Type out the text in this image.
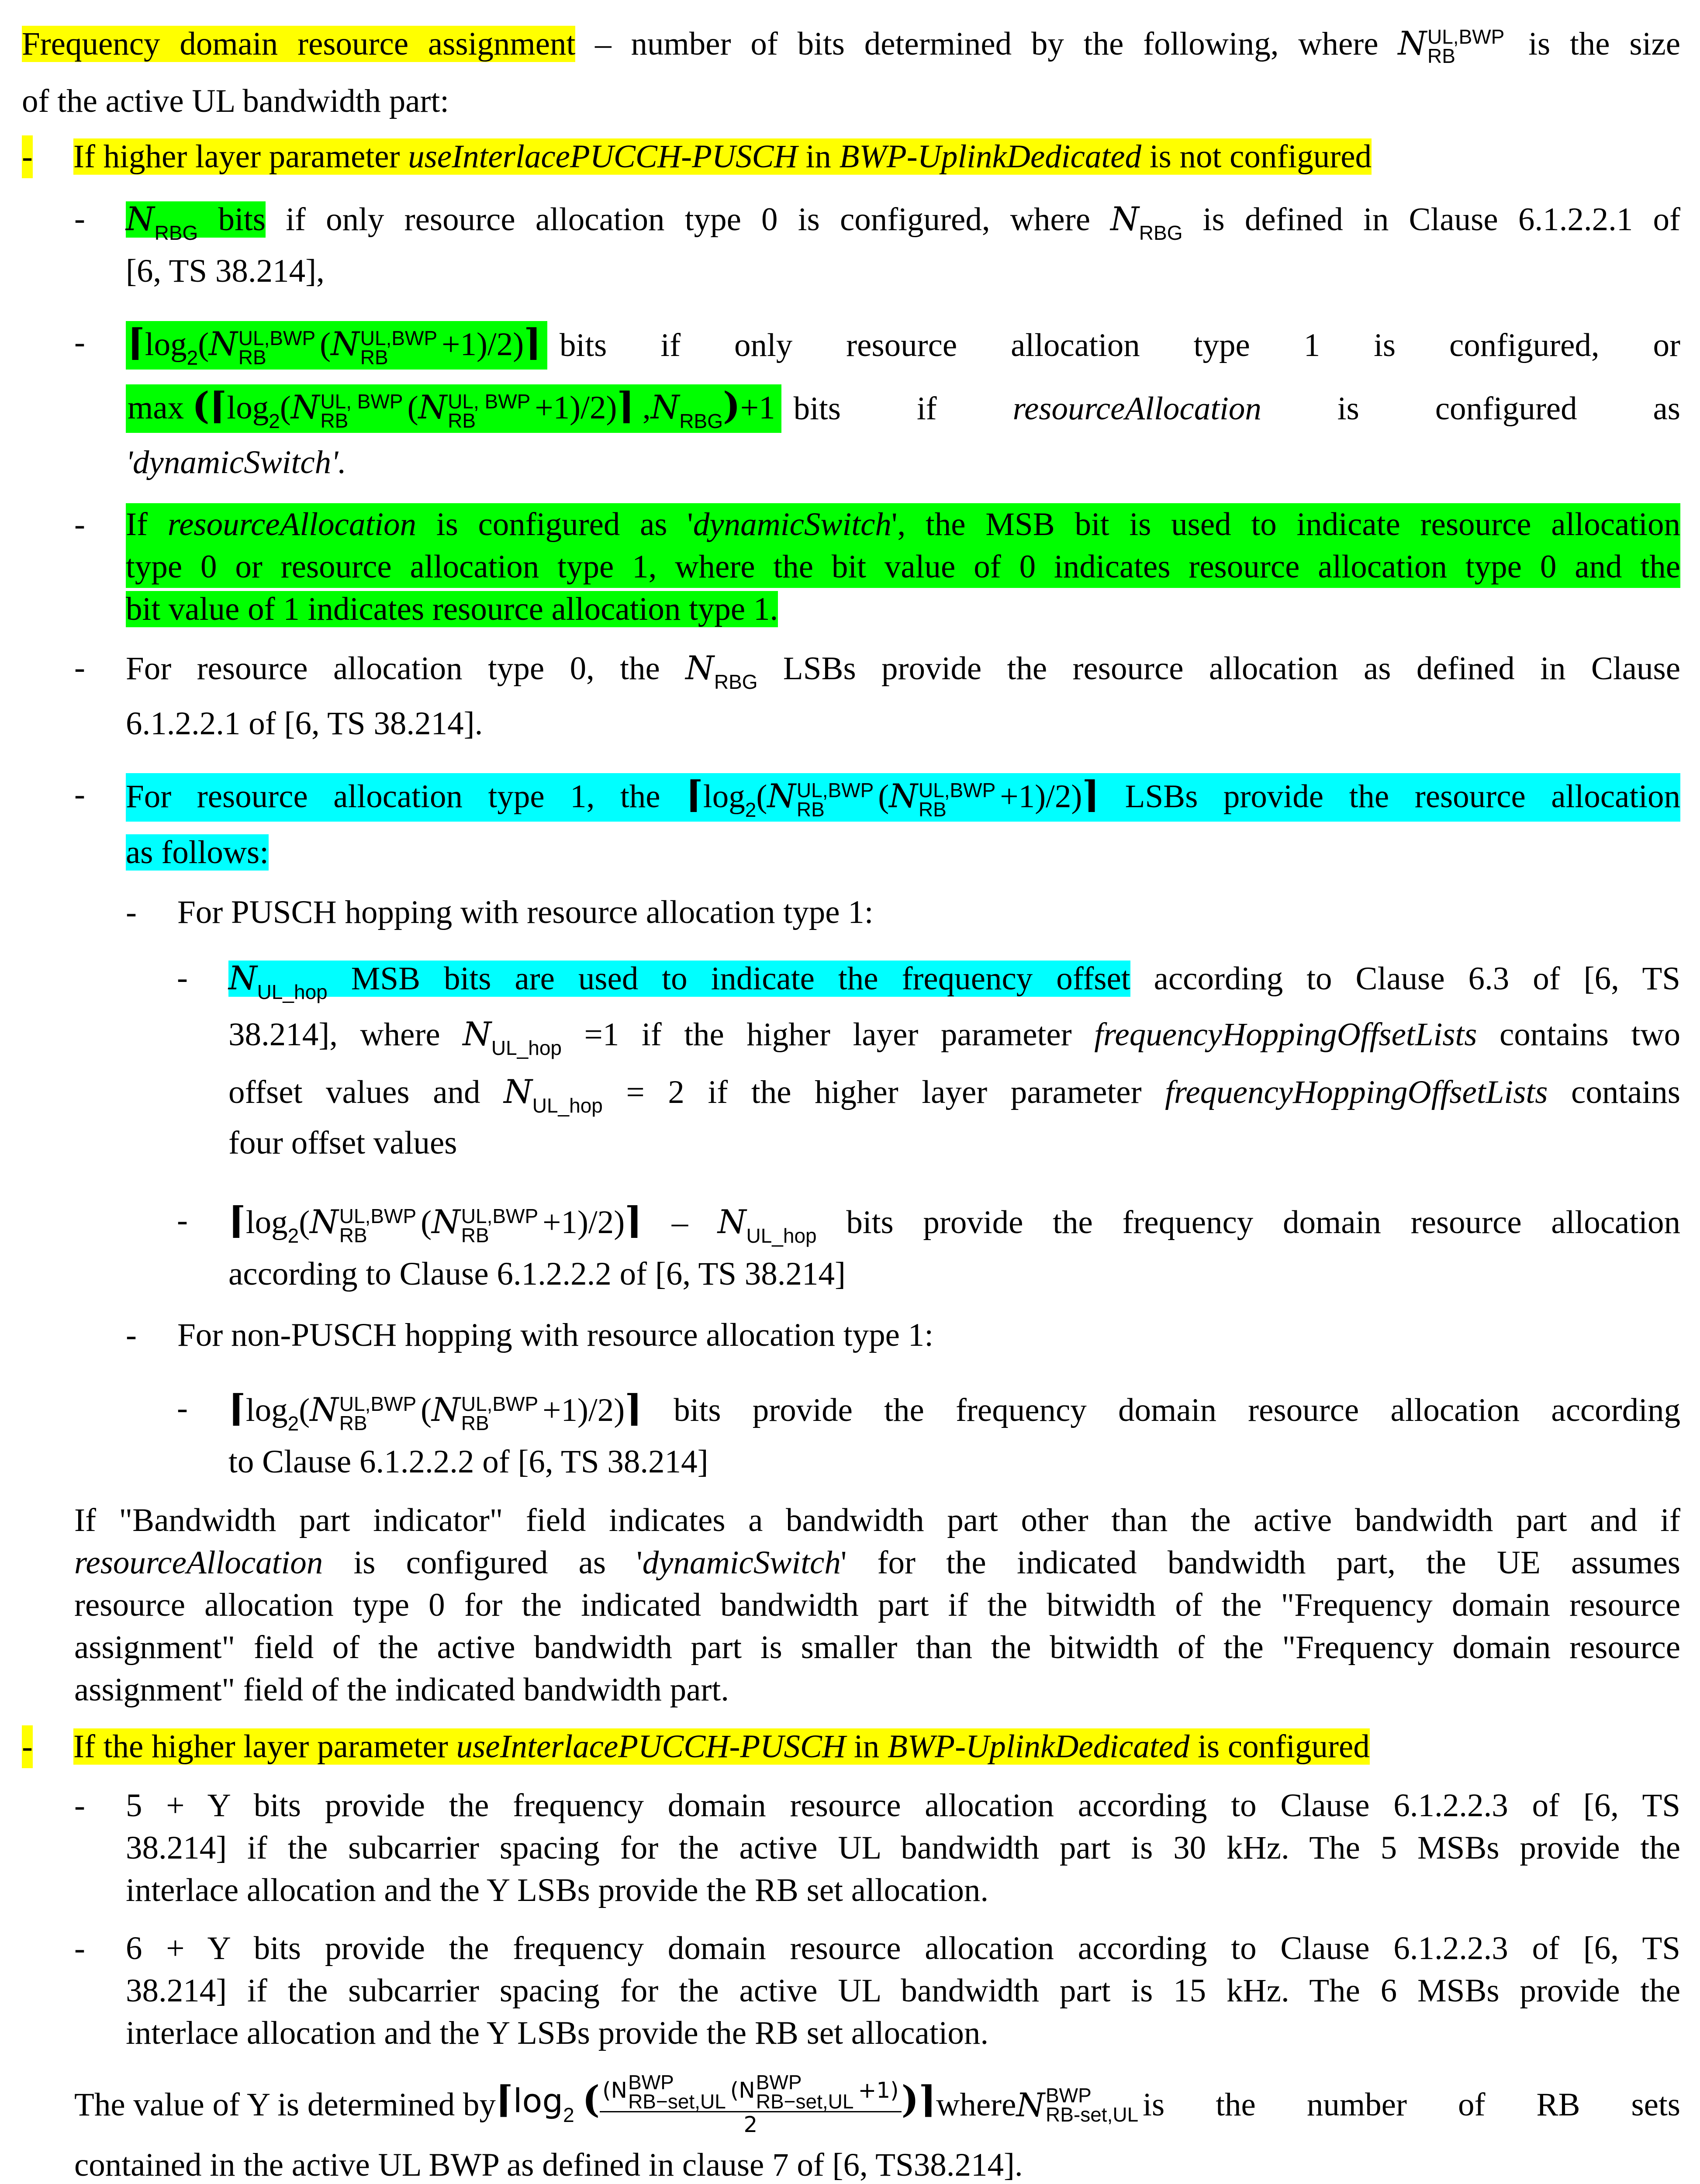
Frequency domain resource assignment – number of bits determined by the following, where N UL,BWP
RB	is the size
of the active UL bandwidth part:
- If higher layer parameter useInterlacePUCCH-PUSCH in BWP-UplinkDedicated is not configured
- $N_{RBG}$ bits if only resource allocation type 0 is configured, where $N_{RBG}$ is defined in Clause 6.1.2.2.1 of
[6, TS 38.214],
- $⌈\log_2(N$ UL,BWP
RB	(N UL,BWP
RB	+1)/2)⌉ bits if only resource allocation type 1 is configured, or
$\max (⌈\log_2(N$ UL, BWP
RB	(N UL, BWP
RB	+1)/2)⌉ $,N_{RBG})+1$ bits if resourceAllocation is configured as
'dynamicSwitch'.
- If resourceAllocation is configured as 'dynamicSwitch', the MSB bit is used to indicate resource allocation
type 0 or resource allocation type 1, where the bit value of 0 indicates resource allocation type 0 and the
bit value of 1 indicates resource allocation type 1.
- For resource allocation type 0, the $N_{RBG}$ LSBs provide the resource allocation as defined in Clause
6.1.2.2.1 of [6, TS 38.214].
- For resource allocation type 1, the $⌈\log_2(N$ UL,BWP
RB	(N UL,BWP
RB	+1)/2)⌉ LSBs provide the resource allocation
as follows:
- For PUSCH hopping with resource allocation type 1:
- $N_{UL\_hop}$ MSB bits are used to indicate the frequency offset according to Clause 6.3 of [6, TS
38.214], where $N_{UL\_hop} =1$ if the higher layer parameter frequencyHoppingOffsetLists contains two
offset values and $N_{UL\_hop} = 2$ if the higher layer parameter frequencyHoppingOffsetLists contains
four offset values
- $⌈\log_2(N$ UL,BWP
RB	(N UL,BWP
RB	+1)/2)⌉ – $N_{UL\_hop}$ bits provide the frequency domain resource allocation
according to Clause 6.1.2.2.2 of [6, TS 38.214]
- For non-PUSCH hopping with resource allocation type 1:
- $⌈\log_2(N$ UL,BWP
RB	(N UL,BWP
RB	+1)/2)⌉ bits provide the frequency domain resource allocation according
to Clause 6.1.2.2.2 of [6, TS 38.214]
If "Bandwidth part indicator" field indicates a bandwidth part other than the active bandwidth part and if
resourceAllocation is configured as 'dynamicSwitch' for the indicated bandwidth part, the UE assumes
resource allocation type 0 for the indicated bandwidth part if the bitwidth of the "Frequency domain resource
assignment" field of the active bandwidth part is smaller than the bitwidth of the "Frequency domain resource
assignment" field of the indicated bandwidth part.
- If the higher layer parameter useInterlacePUCCH-PUSCH in BWP-UplinkDedicated is configured
- 5 + Y bits provide the frequency domain resource allocation according to Clause 6.1.2.2.3 of [6, TS
38.214] if the subcarrier spacing for the active UL bandwidth part is 30 kHz. The 5 MSBs provide the
interlace allocation and the Y LSBs provide the RB set allocation.
- 6 + Y bits provide the frequency domain resource allocation according to Clause 6.1.2.2.3 of [6, TS
38.214] if the subcarrier spacing for the active UL bandwidth part is 15 kHz. The 6 MSBs provide the
interlace allocation and the Y LSBs provide the RB set allocation.
The value of Y is determined by $⌈\log_2$ ( (N BWP
RB−set,UL (N BWP
RB−set,UL +1)
2
)⌉ where N BWP
RB-set,UL is the number of RB sets
contained in the active UL BWP as defined in clause 7 of [6, TS38.214].
